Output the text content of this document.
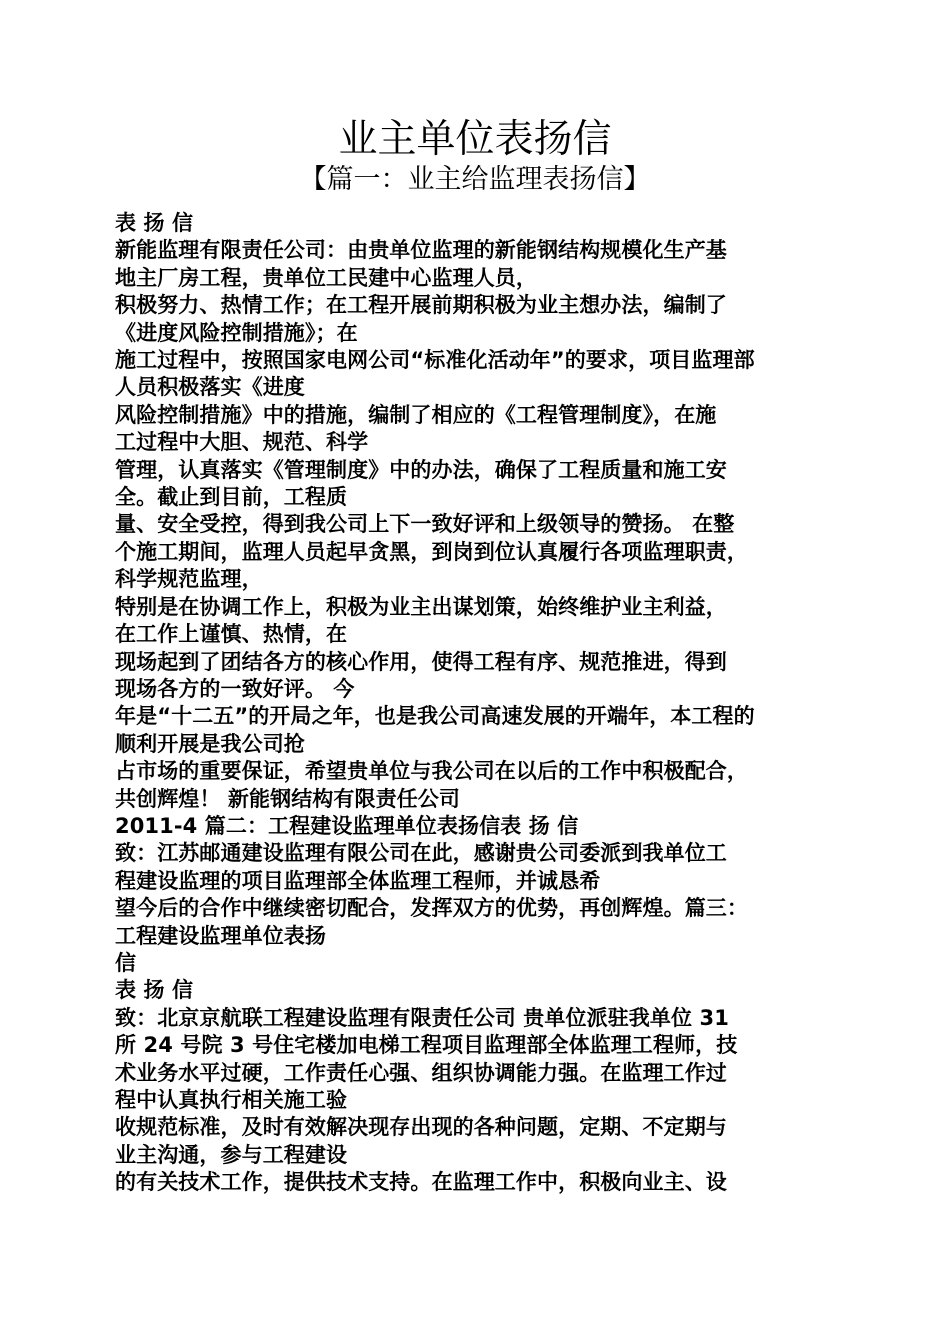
业主单位表扬信
【篇一：业主给监理表扬信】
表 扬 信
新能监理有限责任公司：由贵单位监理的新能钢结构规模化生产基
地主厂房工程，贵单位工民建中心监理人员，
积极努力、热情工作；在工程开展前期积极为业主想办法，编制了
《进度风险控制措施》；在
施工过程中，按照国家电网公司“标准化活动年”的要求，项目监理部
人员积极落实《进度
风险控制措施》中的措施，编制了相应的《工程管理制度》，在施
工过程中大胆、规范、科学
管理，认真落实《管理制度》中的办法，确保了工程质量和施工安
全。截止到目前，工程质
量、安全受控，得到我公司上下一致好评和上级领导的赞扬。 在整
个施工期间，监理人员起早贪黑，到岗到位认真履行各项监理职责，
科学规范监理，
特别是在协调工作上，积极为业主出谋划策，始终维护业主利益，
在工作上谨慎、热情，在
现场起到了团结各方的核心作用，使得工程有序、规范推进，得到
现场各方的一致好评。 今
年是“十二五”的开局之年，也是我公司高速发展的开端年，本工程的
顺利开展是我公司抢
占市场的重要保证，希望贵单位与我公司在以后的工作中积极配合，
共创辉煌！ 新能钢结构有限责任公司
2011-4 篇二：工程建设监理单位表扬信表 扬 信
致：江苏邮通建设监理有限公司在此，感谢贵公司委派到我单位工
程建设监理的项目监理部全体监理工程师，并诚恳希
望今后的合作中继续密切配合，发挥双方的优势，再创辉煌。篇三：
工程建设监理单位表扬
信
表 扬 信
致：北京京航联工程建设监理有限责任公司 贵单位派驻我单位 31
所 24 号院 3 号住宅楼加电梯工程项目监理部全体监理工程师，技
术业务水平过硬，工作责任心强、组织协调能力强。在监理工作过
程中认真执行相关施工验
收规范标准，及时有效解决现存出现的各种问题，定期、不定期与
业主沟通，参与工程建设
的有关技术工作，提供技术支持。在监理工作中，积极向业主、设
